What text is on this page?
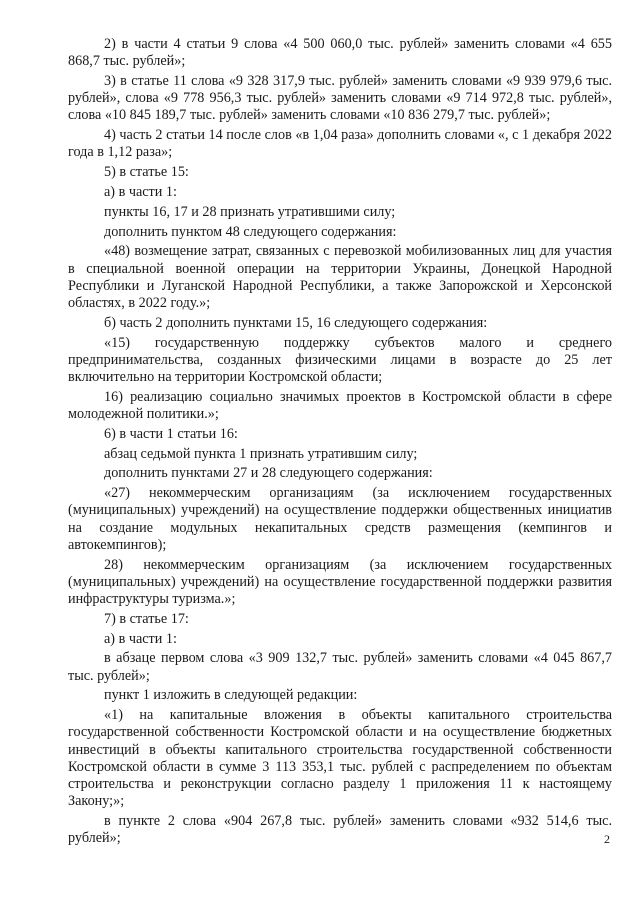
2) в части 4 статьи 9 слова «4 500 060,0 тыс. рублей» заменить словами «4 655 868,7 тыс. рублей»;

3) в статье 11 слова «9 328 317,9 тыс. рублей» заменить словами «9 939 979,6 тыс. рублей», слова «9 778 956,3 тыс. рублей» заменить словами «9 714 972,8 тыс. рублей», слова «10 845 189,7 тыс. рублей» заменить словами «10 836 279,7 тыс. рублей»;

4) часть 2 статьи 14 после слов «в 1,04 раза» дополнить словами «, с 1 декабря 2022 года в 1,12 раза»;

5) в статье 15:

а) в части 1:

пункты 16, 17 и 28 признать утратившими силу;

дополнить пунктом 48 следующего содержания:

«48) возмещение затрат, связанных с перевозкой мобилизованных лиц для участия в специальной военной операции на территории Украины, Донецкой Народной Республики и Луганской Народной Республики, а также Запорожской и Херсонской областях, в 2022 году.»;

б) часть 2 дополнить пунктами 15, 16 следующего содержания:

«15) государственную поддержку субъектов малого и среднего предпринимательства, созданных физическими лицами в возрасте до 25 лет включительно на территории Костромской области;

16) реализацию социально значимых проектов в Костромской области в сфере молодежной политики.»;

6) в части 1 статьи 16:

абзац седьмой пункта 1 признать утратившим силу;

дополнить пунктами 27 и 28 следующего содержания:

«27) некоммерческим организациям (за исключением государственных (муниципальных) учреждений) на осуществление поддержки общественных инициатив на создание модульных некапитальных средств размещения (кемпингов и автокемпингов);

28) некоммерческим организациям (за исключением государственных (муниципальных) учреждений) на осуществление государственной поддержки развития инфраструктуры туризма.»;

7) в статье 17:

а) в части 1:

в абзаце первом слова «3 909 132,7 тыс. рублей» заменить словами «4 045 867,7 тыс. рублей»;

пункт 1 изложить в следующей редакции:

«1) на капитальные вложения в объекты капитального строительства государственной собственности Костромской области и на осуществление бюджетных инвестиций в объекты капитального строительства государственной собственности Костромской области в сумме 3 113 353,1 тыс. рублей с распределением по объектам строительства и реконструкции согласно разделу 1 приложения 11 к настоящему Закону;»;

в пункте 2 слова «904 267,8 тыс. рублей» заменить словами «932 514,6 тыс. рублей»;	2
